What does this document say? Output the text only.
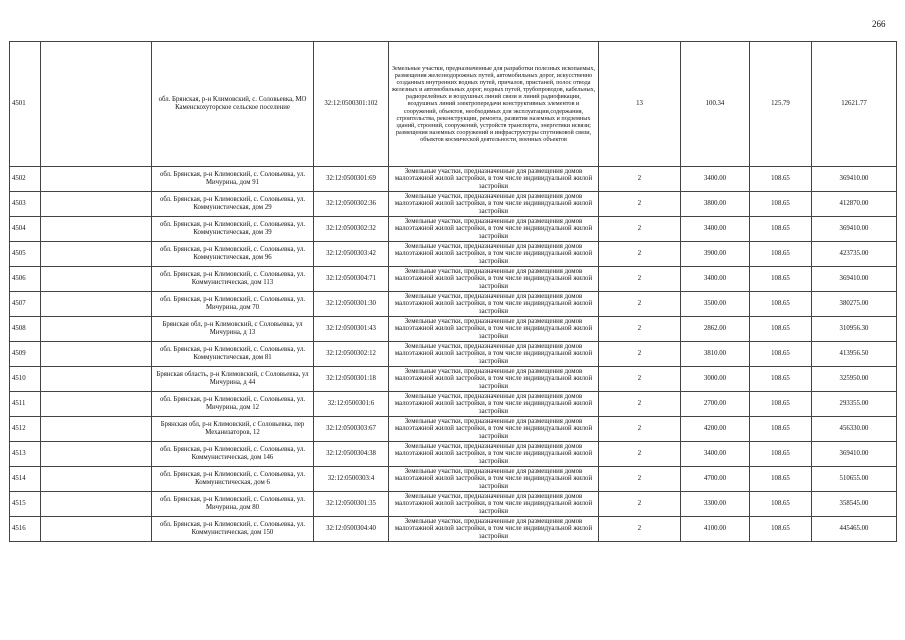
266
4501		обл. Брянская, р-н Климовский, с. Соловьевка, МО Каменскохуторское сельское поселение	32:12:0500301:102	Земельные участки, предназначенные для разработки полезных ископаемых, размещения железнодорожных путей, автомобильных дорог, искусственно созданных внутренних водных путей, причалов, пристаней, полос отвода железных и автомобильных дорог, водных путей, трубопроводов, кабельных, радиорелейных и воздушных линий связи и линий радиофикации, воздушных линий электропередачи конструктивных элементов и сооружений, объектов, необходимых для эксплуатации,содержания, строительства, реконструкции, ремонта, развития наземных и подземных зданий, строений, сооружений, устройств транспорта, энергетики исвязи; размещения наземных сооружений и инфраструктуры спутниковой связи, объектов космической деятельности, военных объектов	13	100.34	125.79	12621.77
4502		обл. Брянская, р-н Климовский, с. Соловьевка, ул. Мичурина, дом 91	32:12:0500301:69	Земельные участки, предназначенные для размещения домов малоэтажной жилой застройки, в том числе индивидуальной жилой застройки	2	3400.00	108.65	369410.00
4503		обл. Брянская, р-н Климовский, с. Соловьевка, ул. Коммунистическая, дом 29	32:12:0500302:36	Земельные участки, предназначенные для размещения домов малоэтажной жилой застройки, в том числе индивидуальной жилой застройки	2	3800.00	108.65	412870.00
4504		обл. Брянская, р-н Климовский, с. Соловьевка, ул. Коммунистическая, дом 39	32:12:0500302:32	Земельные участки, предназначенные для размещения домов малоэтажной жилой застройки, в том числе индивидуальной жилой застройки	2	3400.00	108.65	369410.00
4505		обл. Брянская, р-н Климовский, с. Соловьевка, ул. Коммунистическая, дом 96	32:12:0500303:42	Земельные участки, предназначенные для размещения домов малоэтажной жилой застройки, в том числе индивидуальной жилой застройки	2	3900.00	108.65	423735.00
4506		обл. Брянская, р-н Климовский, с. Соловьевка, ул. Коммунистическая, дом 113	32:12:0500304:71	Земельные участки, предназначенные для размещения домов малоэтажной жилой застройки, в том числе индивидуальной жилой застройки	2	3400.00	108.65	369410.00
4507		обл. Брянская, р-н Климовский, с. Соловьевка, ул. Мичурина, дом 70	32:12:0500301:30	Земельные участки, предназначенные для размещения домов малоэтажной жилой застройки, в том числе индивидуальной жилой застройки	2	3500.00	108.65	380275.00
4508		Брянская обл, р-н Климовский, с Соловьевка, ул Мичурина, д 13	32:12:0500301:43	Земельные участки, предназначенные для размещения домов малоэтажной жилой застройки, в том числе индивидуальной жилой застройки	2	2862.00	108.65	310956.30
4509		обл. Брянская, р-н Климовский, с. Соловьевка, ул. Коммунистическая, дом 81	32:12:0500302:12	Земельные участки, предназначенные для размещения домов малоэтажной жилой застройки, в том числе индивидуальной жилой застройки	2	3810.00	108.65	413956.50
4510		Брянская область, р-н Климовский, с Соловьевка, ул Мичурина, д 44	32:12:0500301:18	Земельные участки, предназначенные для размещения домов малоэтажной жилой застройки, в том числе индивидуальной жилой застройки	2	3000.00	108.65	325950.00
4511		обл. Брянская, р-н Климовский, с. Соловьевка, ул. Мичурина, дом 12	32:12:0500301:6	Земельные участки, предназначенные для размещения домов малоэтажной жилой застройки, в том числе индивидуальной жилой застройки	2	2700.00	108.65	293355.00
4512		Брянская обл, р-н Климовский, с Соловьевка, пер Механизаторов, 12	32:12:0500303:67	Земельные участки, предназначенные для размещения домов малоэтажной жилой застройки, в том числе индивидуальной жилой застройки	2	4200.00	108.65	456330.00
4513		обл. Брянская, р-н Климовский, с. Соловьевка, ул. Коммунистическая, дом 146	32:12:0500304:38	Земельные участки, предназначенные для размещения домов малоэтажной жилой застройки, в том числе индивидуальной жилой застройки	2	3400.00	108.65	369410.00
4514		обл. Брянская, р-н Климовский, с. Соловьевка, ул. Коммунистическая, дом 6	32:12:0500303:4	Земельные участки, предназначенные для размещения домов малоэтажной жилой застройки, в том числе индивидуальной жилой застройки	2	4700.00	108.65	510655.00
4515		обл. Брянская, р-н Климовский, с. Соловьевка, ул. Мичурина, дом 80	32:12:0500301:35	Земельные участки, предназначенные для размещения домов малоэтажной жилой застройки, в том числе индивидуальной жилой застройки	2	3300.00	108.65	358545.00
4516		обл. Брянская, р-н Климовский, с. Соловьевка, ул. Коммунистическая, дом 150	32:12:0500304:40	Земельные участки, предназначенные для размещения домов малоэтажной жилой застройки, в том числе индивидуальной жилой застройки	2	4100.00	108.65	445465.00
